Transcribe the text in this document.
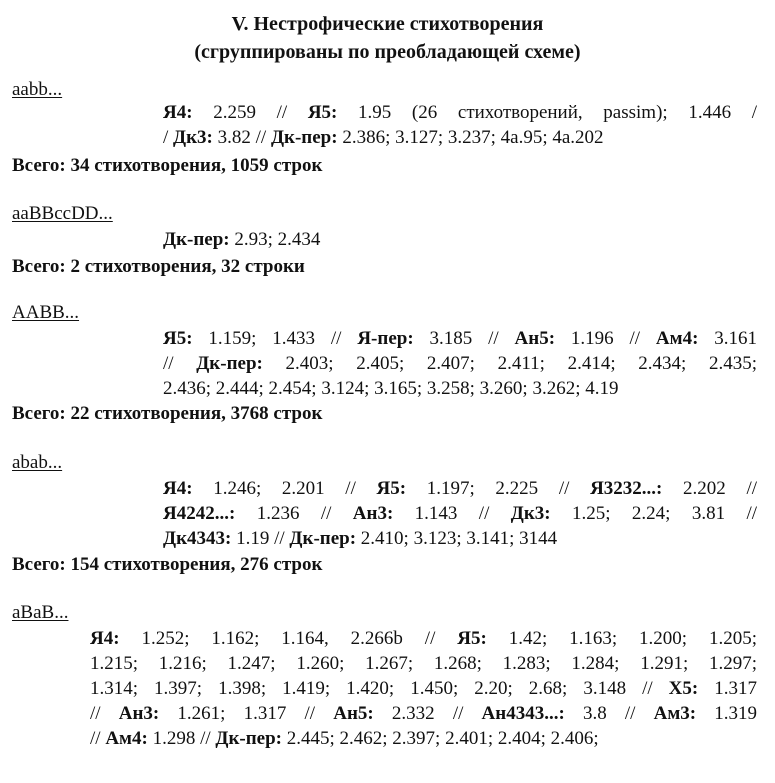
V. Нестрофические стихотворения
(сгруппированы по преобладающей схеме)
aabb...
Я4: 2.259 // Я5: 1.95 (26 стихотворений, passim); 1.446 /
/ Дк3: 3.82 // Дк-пер: 2.386; 3.127; 3.237; 4a.95; 4a.202
Всего: 34 стихотворения, 1059 строк
aaBBccDD...
Дк-пер: 2.93; 2.434
Всего: 2 стихотворения, 32 строки
AABB...
Я5: 1.159; 1.433 // Я-пер: 3.185 // Ан5: 1.196 // Ам4: 3.161
// Дк-пер: 2.403; 2.405; 2.407; 2.411; 2.414; 2.434; 2.435;
2.436; 2.444; 2.454; 3.124; 3.165; 3.258; 3.260; 3.262; 4.19
Всего: 22 стихотворения, 3768 строк
abab...
Я4: 1.246; 2.201 // Я5: 1.197; 2.225 // Я3232...: 2.202 //
Я4242...: 1.236 // Ан3: 1.143 // Дк3: 1.25; 2.24; 3.81 //
Дк4343: 1.19 // Дк-пер: 2.410; 3.123; 3.141; 3144
Всего: 154 стихотворения, 276 строк
aBaB...
Я4: 1.252; 1.162; 1.164, 2.266b // Я5: 1.42; 1.163; 1.200; 1.205;
1.215; 1.216; 1.247; 1.260; 1.267; 1.268; 1.283; 1.284; 1.291; 1.297;
1.314; 1.397; 1.398; 1.419; 1.420; 1.450; 2.20; 2.68; 3.148 // Х5: 1.317
// Ан3: 1.261; 1.317 // Ан5: 2.332 // Ан4343...: 3.8 // Ам3: 1.319
// Ам4: 1.298 // Дк-пер: 2.445; 2.462; 2.397; 2.401; 2.404; 2.406;
